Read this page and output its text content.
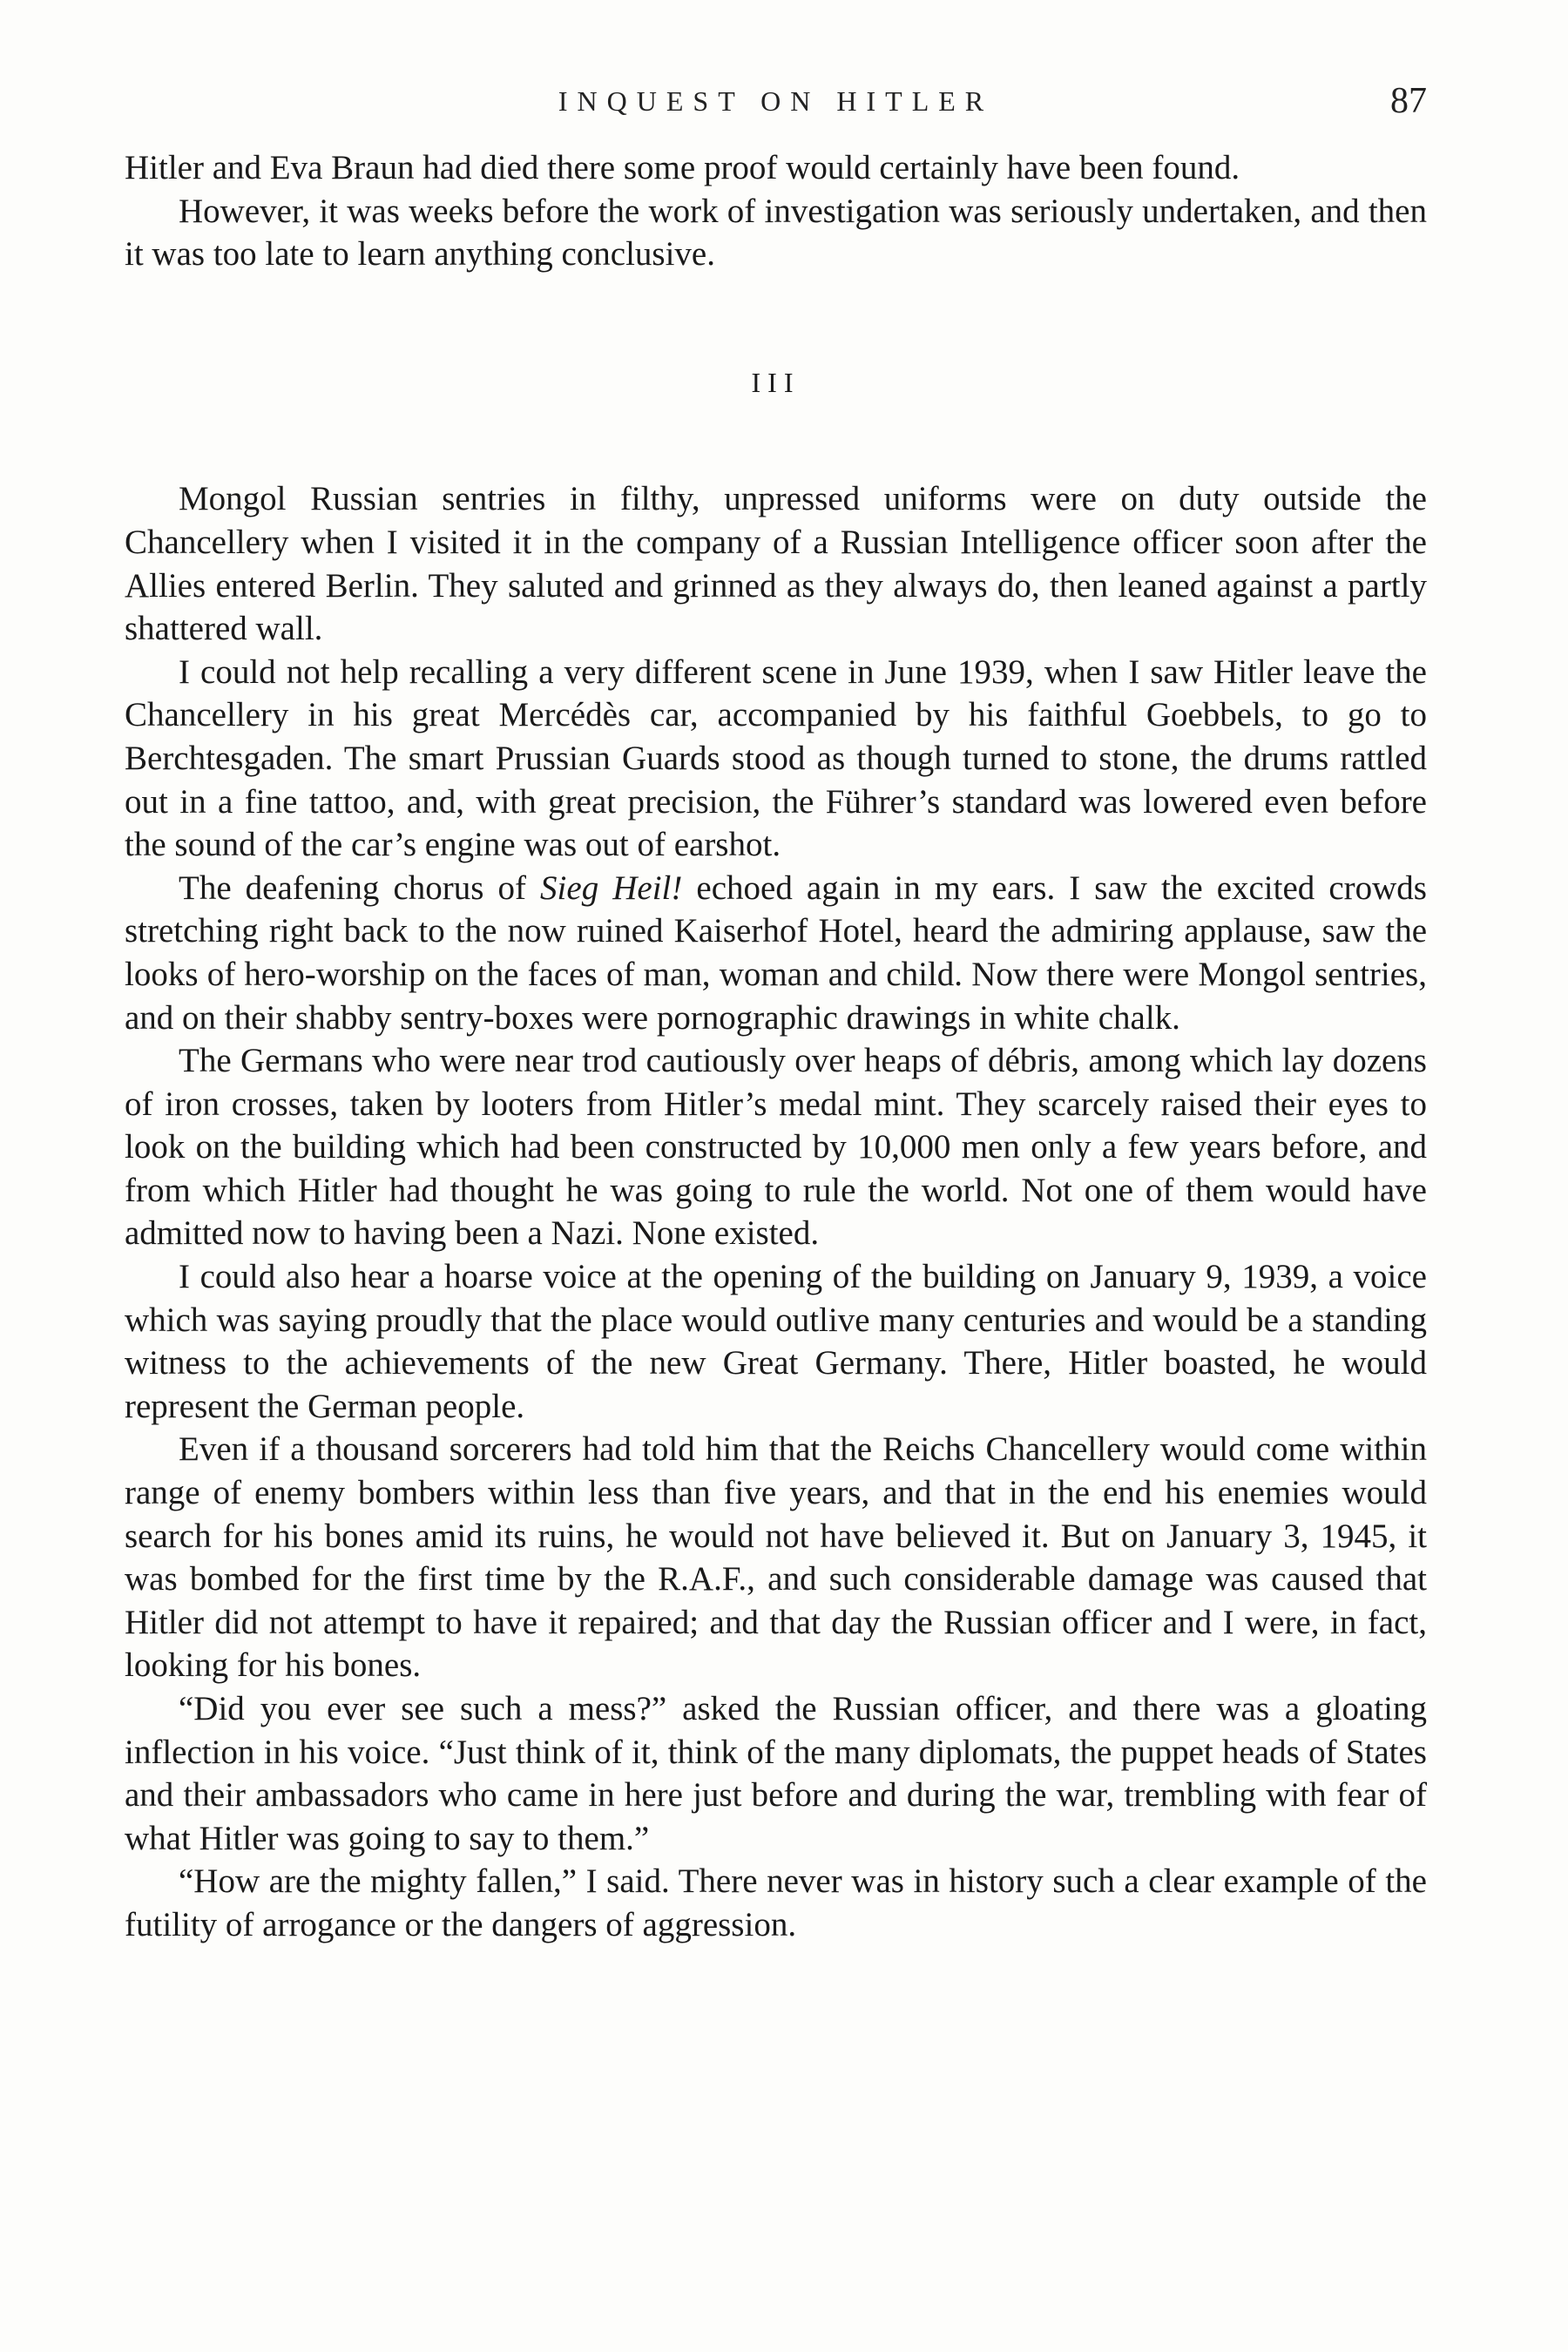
INQUEST ON HITLER	87

Hitler and Eva Braun had died there some proof would certainly have been found.

However, it was weeks before the work of investigation was seriously undertaken, and then it was too late to learn anything conclusive.

III

Mongol Russian sentries in filthy, unpressed uniforms were on duty outside the Chancellery when I visited it in the company of a Russian Intelligence officer soon after the Allies entered Berlin. They saluted and grinned as they always do, then leaned against a partly shattered wall.

I could not help recalling a very different scene in June 1939, when I saw Hitler leave the Chancellery in his great Mercédès car, accompanied by his faithful Goebbels, to go to Berchtesgaden. The smart Prussian Guards stood as though turned to stone, the drums rattled out in a fine tattoo, and, with great precision, the Führer’s standard was lowered even before the sound of the car’s engine was out of earshot.

The deafening chorus of Sieg Heil! echoed again in my ears. I saw the excited crowds stretching right back to the now ruined Kaiserhof Hotel, heard the admiring applause, saw the looks of hero-worship on the faces of man, woman and child. Now there were Mongol sentries, and on their shabby sentry-boxes were pornographic drawings in white chalk.

The Germans who were near trod cautiously over heaps of débris, among which lay dozens of iron crosses, taken by looters from Hitler’s medal mint. They scarcely raised their eyes to look on the building which had been constructed by 10,000 men only a few years before, and from which Hitler had thought he was going to rule the world. Not one of them would have admitted now to having been a Nazi. None existed.

I could also hear a hoarse voice at the opening of the building on January 9, 1939, a voice which was saying proudly that the place would outlive many centuries and would be a standing witness to the achievements of the new Great Germany. There, Hitler boasted, he would represent the German people.

Even if a thousand sorcerers had told him that the Reichs Chancellery would come within range of enemy bombers within less than five years, and that in the end his enemies would search for his bones amid its ruins, he would not have believed it. But on January 3, 1945, it was bombed for the first time by the R.A.F., and such considerable damage was caused that Hitler did not attempt to have it repaired; and that day the Russian officer and I were, in fact, looking for his bones.

“Did you ever see such a mess?” asked the Russian officer, and there was a gloating inflection in his voice. “Just think of it, think of the many diplomats, the puppet heads of States and their ambassadors who came in here just before and during the war, trembling with fear of what Hitler was going to say to them.”

“How are the mighty fallen,” I said. There never was in history such a clear example of the futility of arrogance or the dangers of aggression.
